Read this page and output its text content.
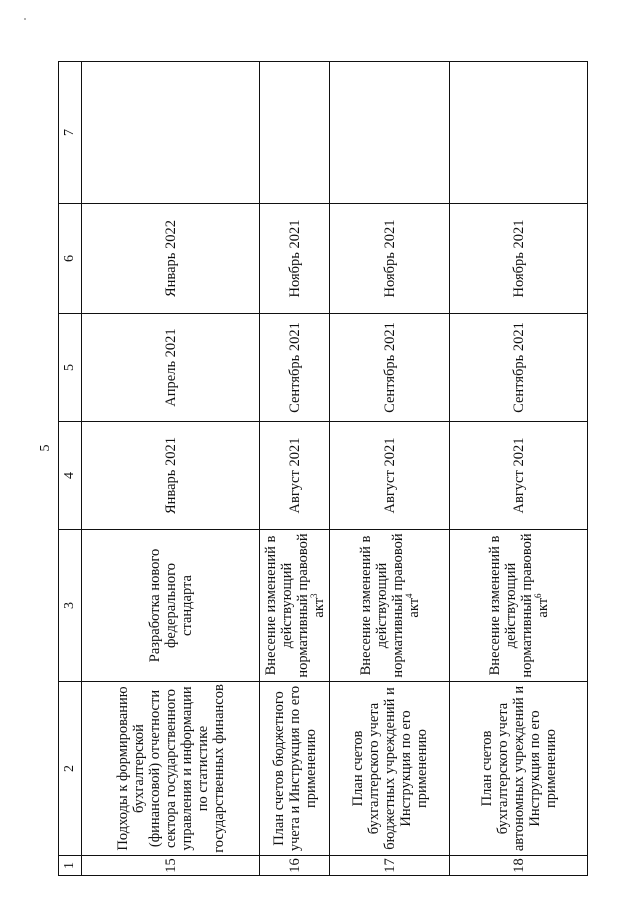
5
1	2	3	4	5	6	7
15	Подходы к формированию бухгалтерской (финансовой) отчетности сектора государственного управления и информации по статистике государственных финансов	Разработка нового федерального стандарта	Январь 2021	Апрель 2021	Январь 2022	
16	План счетов бюджетного учета и Инструкция по его применению	Внесение изменений в действующий нормативный правовой акт$^3$	Август 2021	Сентябрь 2021	Ноябрь 2021	
17	План счетов бухгалтерского учета бюджетных учреждений и Инструкция по его применению	Внесение изменений в действующий нормативный правовой акт$^4$	Август 2021	Сентябрь 2021	Ноябрь 2021	
18	План счетов бухгалтерского учета автономных учреждений и Инструкция по его применению	Внесение изменений в действующий нормативный правовой акт$^6$	Август 2021	Сентябрь 2021	Ноябрь 2021	
